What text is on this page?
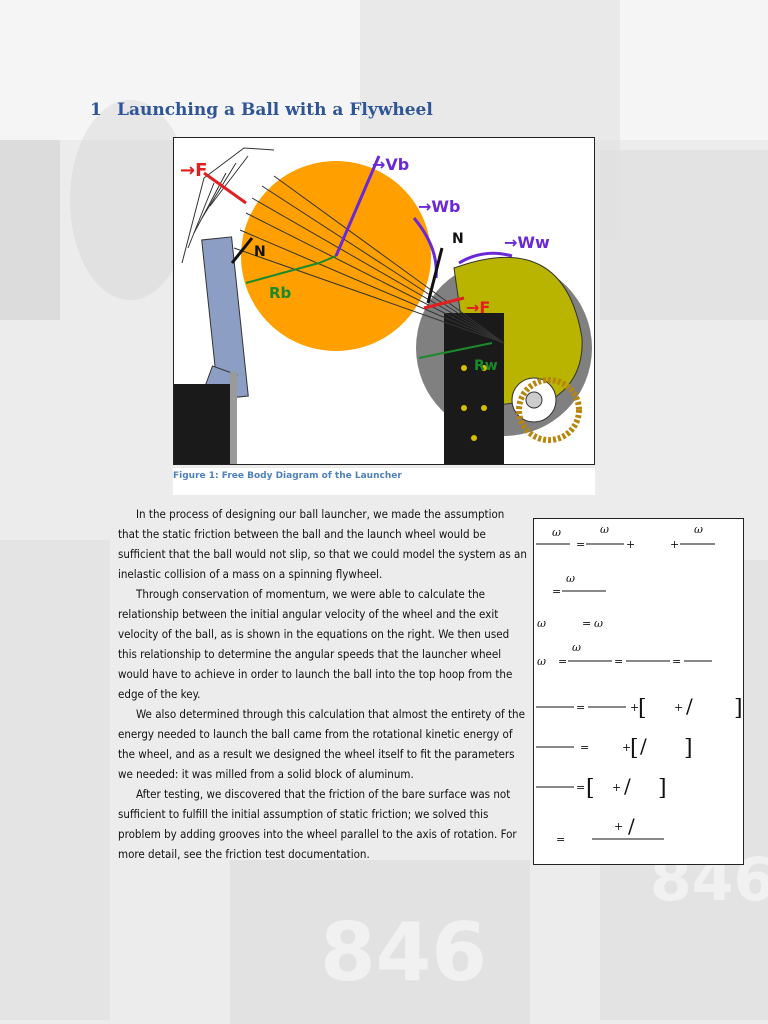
1 Launching a Ball with a Flywheel
→F	→Vb
→Wb
→Ww
Rb
Rw
N
N
→F
Figure 1: Free Body Diagram of the Launcher

In the process of designing our ball launcher, we made the assumption that the static friction between the ball and the launch wheel would be sufficient that the ball would not slip, so that we could model the system as an inelastic collision of a mass on a spinning flywheel.

Through conservation of momentum, we were able to calculate the relationship between the initial angular velocity of the wheel and the exit velocity of the ball, as is shown in the equations on the right. We then used this relationship to determine the angular speeds that the launcher wheel would have to achieve in order to launch the ball into the top hoop from the edge of the key.

We also determined through this calculation that almost the entirety of the energy needed to launch the ball came from the rotational kinetic energy of the wheel, and as a result we designed the wheel itself to fit the parameters we needed: it was milled from a solid block of aluminum.

After testing, we discovered that the friction of the bare surface was not sufficient to fulfill the initial assumption of static friction; we solved this problem by adding grooves into the wheel parallel to the axis of rotation. For more detail, see the friction test documentation.

ω
=
ω
+	+
ω
=
ω
ω	= ω
ω =
ω
=	=
=	+
[ + / ]
=	+
[ / ]
= [ + / ]
+ /
=
